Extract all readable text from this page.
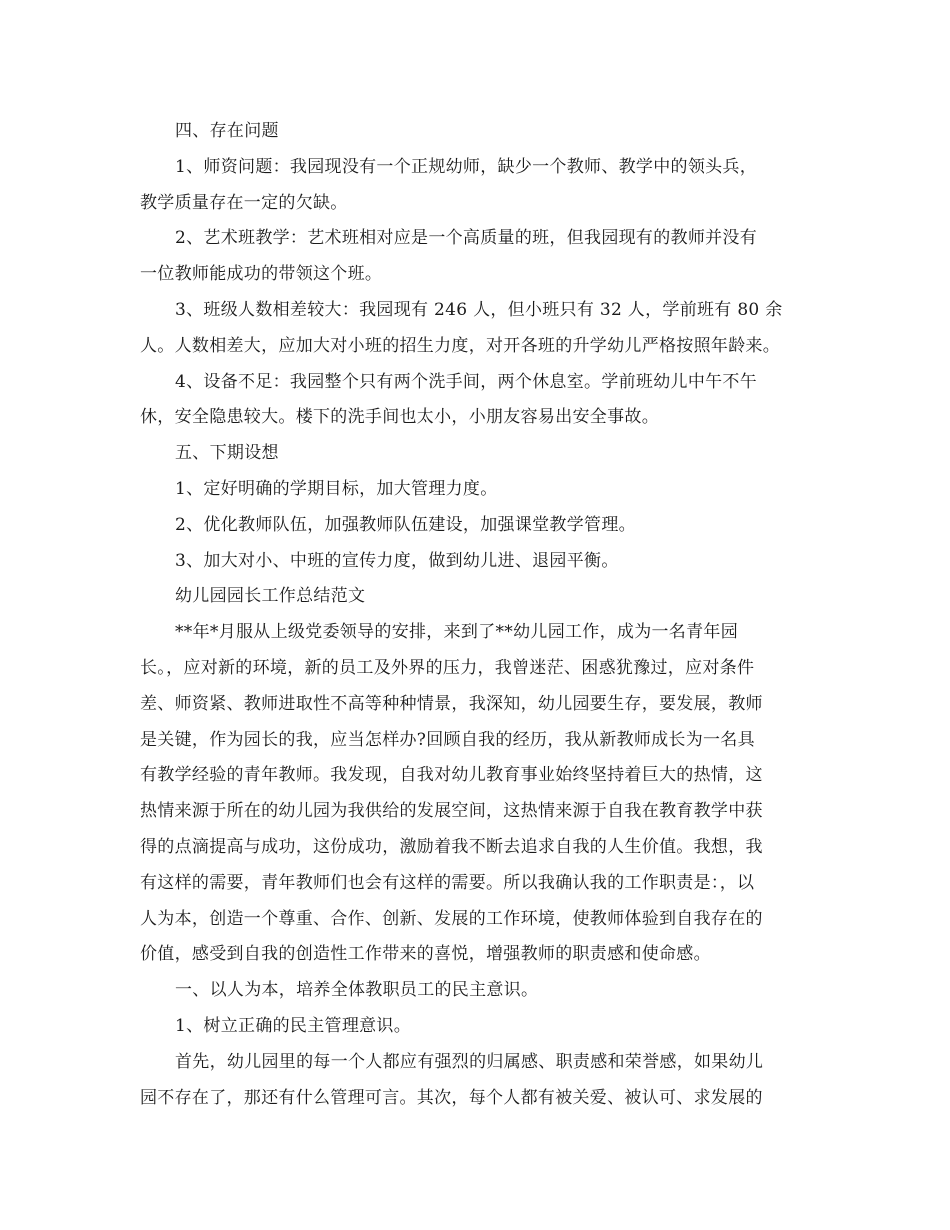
四、存在问题
1、师资问题：我园现没有一个正规幼师，缺少一个教师、教学中的领头兵，
教学质量存在一定的欠缺。
2、艺术班教学：艺术班相对应是一个高质量的班，但我园现有的教师并没有
一位教师能成功的带领这个班。
3、班级人数相差较大：我园现有 246 人，但小班只有 32 人，学前班有 80 余
人。人数相差大，应加大对小班的招生力度，对开各班的升学幼儿严格按照年龄来。
4、设备不足：我园整个只有两个洗手间，两个休息室。学前班幼儿中午不午
休，安全隐患较大。楼下的洗手间也太小，小朋友容易出安全事故。
五、下期设想
1、定好明确的学期目标，加大管理力度。
2、优化教师队伍，加强教师队伍建设，加强课堂教学管理。
3、加大对小、中班的宣传力度，做到幼儿进、退园平衡。
幼儿园园长工作总结范文
**年*月服从上级党委领导的安排，来到了**幼儿园工作，成为一名青年园
长。，应对新的环境，新的员工及外界的压力，我曾迷茫、困惑犹豫过，应对条件
差、师资紧、教师进取性不高等种种情景，我深知，幼儿园要生存，要发展，教师
是关键，作为园长的我，应当怎样办?回顾自我的经历，我从新教师成长为一名具
有教学经验的青年教师。我发现，自我对幼儿教育事业始终坚持着巨大的热情，这
热情来源于所在的幼儿园为我供给的发展空间，这热情来源于自我在教育教学中获
得的点滴提高与成功，这份成功，激励着我不断去追求自我的人生价值。我想，我
有这样的需要，青年教师们也会有这样的需要。所以我确认我的工作职责是：，以
人为本，创造一个尊重、合作、创新、发展的工作环境，使教师体验到自我存在的
价值，感受到自我的创造性工作带来的喜悦，增强教师的职责感和使命感。
一、以人为本，培养全体教职员工的民主意识。
1、树立正确的民主管理意识。
首先，幼儿园里的每一个人都应有强烈的归属感、职责感和荣誉感，如果幼儿
园不存在了，那还有什么管理可言。其次，每个人都有被关爱、被认可、求发展的
